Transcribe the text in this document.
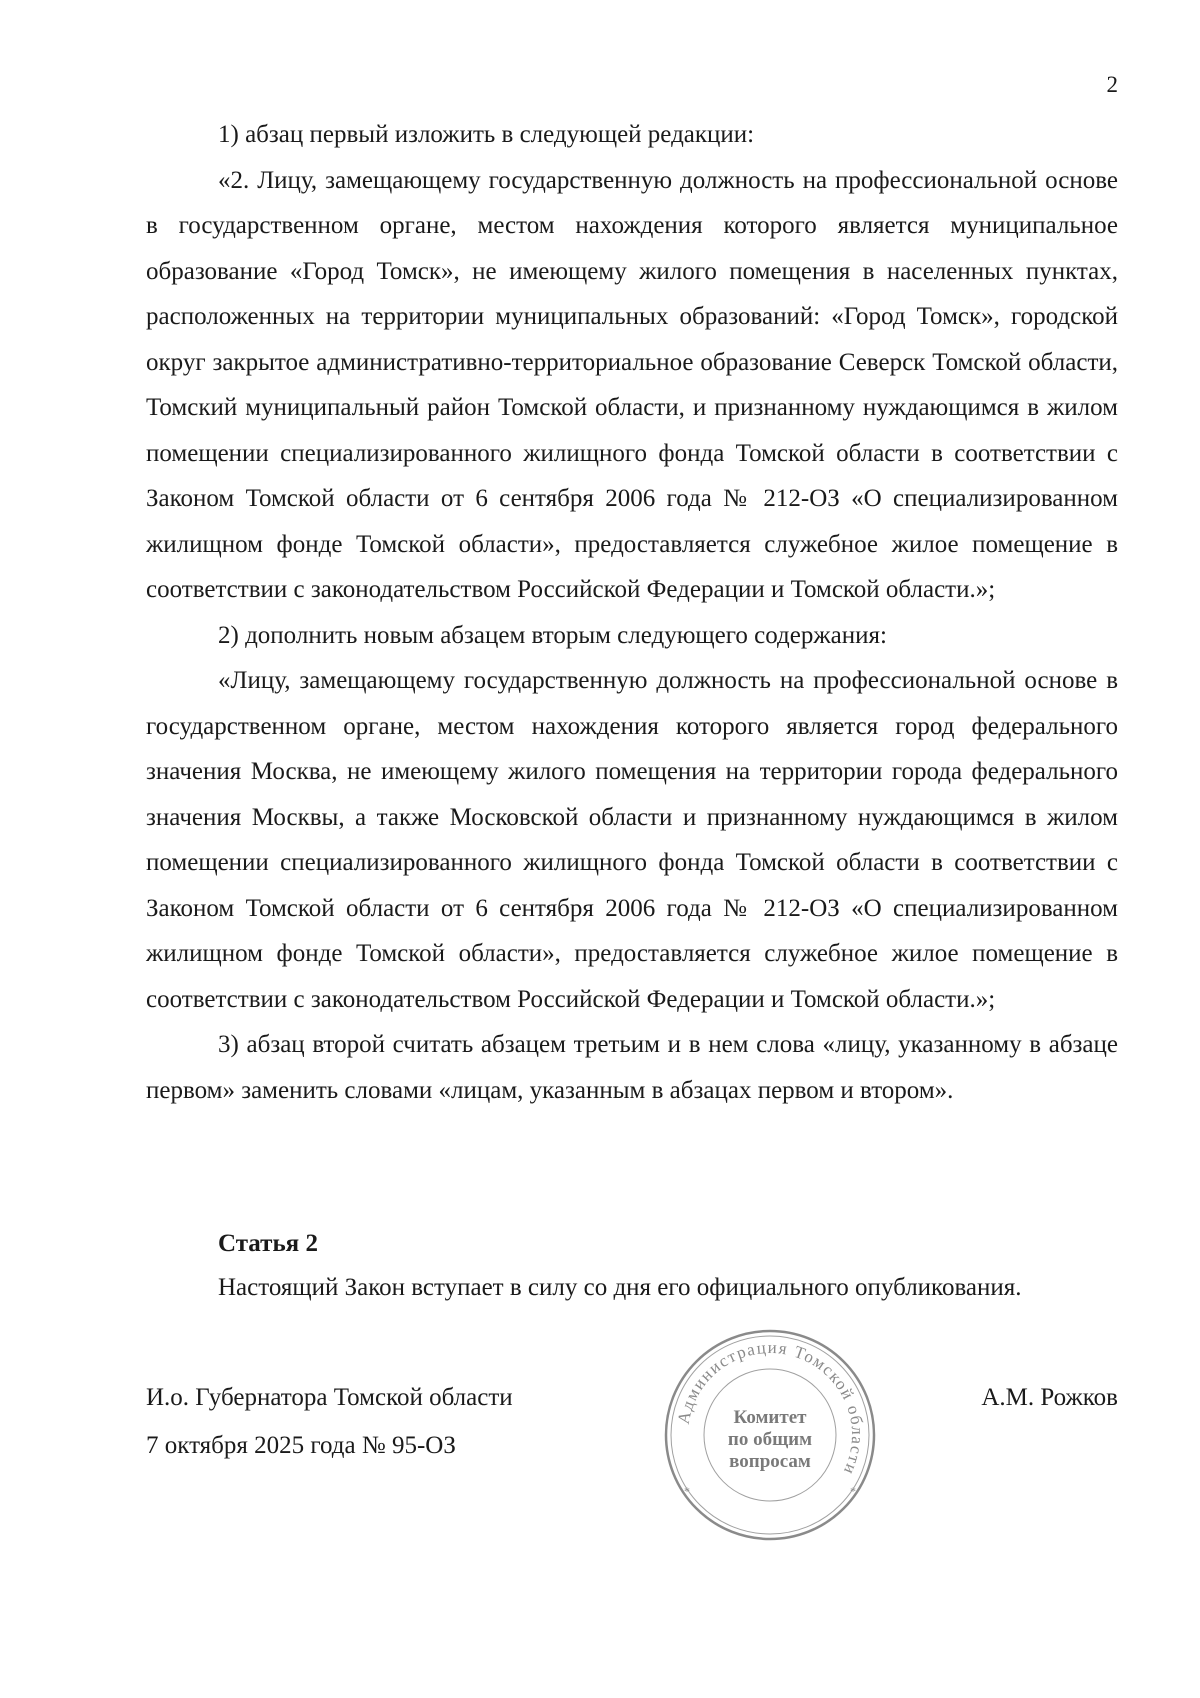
2

1) абзац первый изложить в следующей редакции:

«2. Лицу, замещающему государственную должность на профессиональной основе в государственном органе, местом нахождения которого является муниципальное образование «Город Томск», не имеющему жилого помещения в населенных пунктах, расположенных на территории муниципальных образований: «Город Томск», городской округ закрытое административно-территориальное образование Северск Томской области, Томский муниципальный район Томской области, и признанному нуждающимся в жилом помещении специализированного жилищного фонда Томской области в соответствии с Законом Томской области от 6 сентября 2006 года № 212-ОЗ «О специализированном жилищном фонде Томской области», предоставляется служебное жилое помещение в соответствии с законодательством Российской Федерации и Томской области.»;

2) дополнить новым абзацем вторым следующего содержания:

«Лицу, замещающему государственную должность на профессиональной основе в государственном органе, местом нахождения которого является город федерального значения Москва, не имеющему жилого помещения на территории города федерального значения Москвы, а также Московской области и признанному нуждающимся в жилом помещении специализированного жилищного фонда Томской области в соответствии с Законом Томской области от 6 сентября 2006 года № 212-ОЗ «О специализированном жилищном фонде Томской области», предоставляется служебное жилое помещение в соответствии с законодательством Российской Федерации и Томской области.»;

3) абзац второй считать абзацем третьим и в нем слова «лицу, указанному в абзаце первом» заменить словами «лицам, указанным в абзацах первом и втором».

Статья 2
Настоящий Закон вступает в силу со дня его официального опубликования.
И.о. Губернатора Томской области
7 октября 2025 года № 95-ОЗ
А.М. Рожков
Администрация Томской области
*	*
Комитет
по общим
вопросам
